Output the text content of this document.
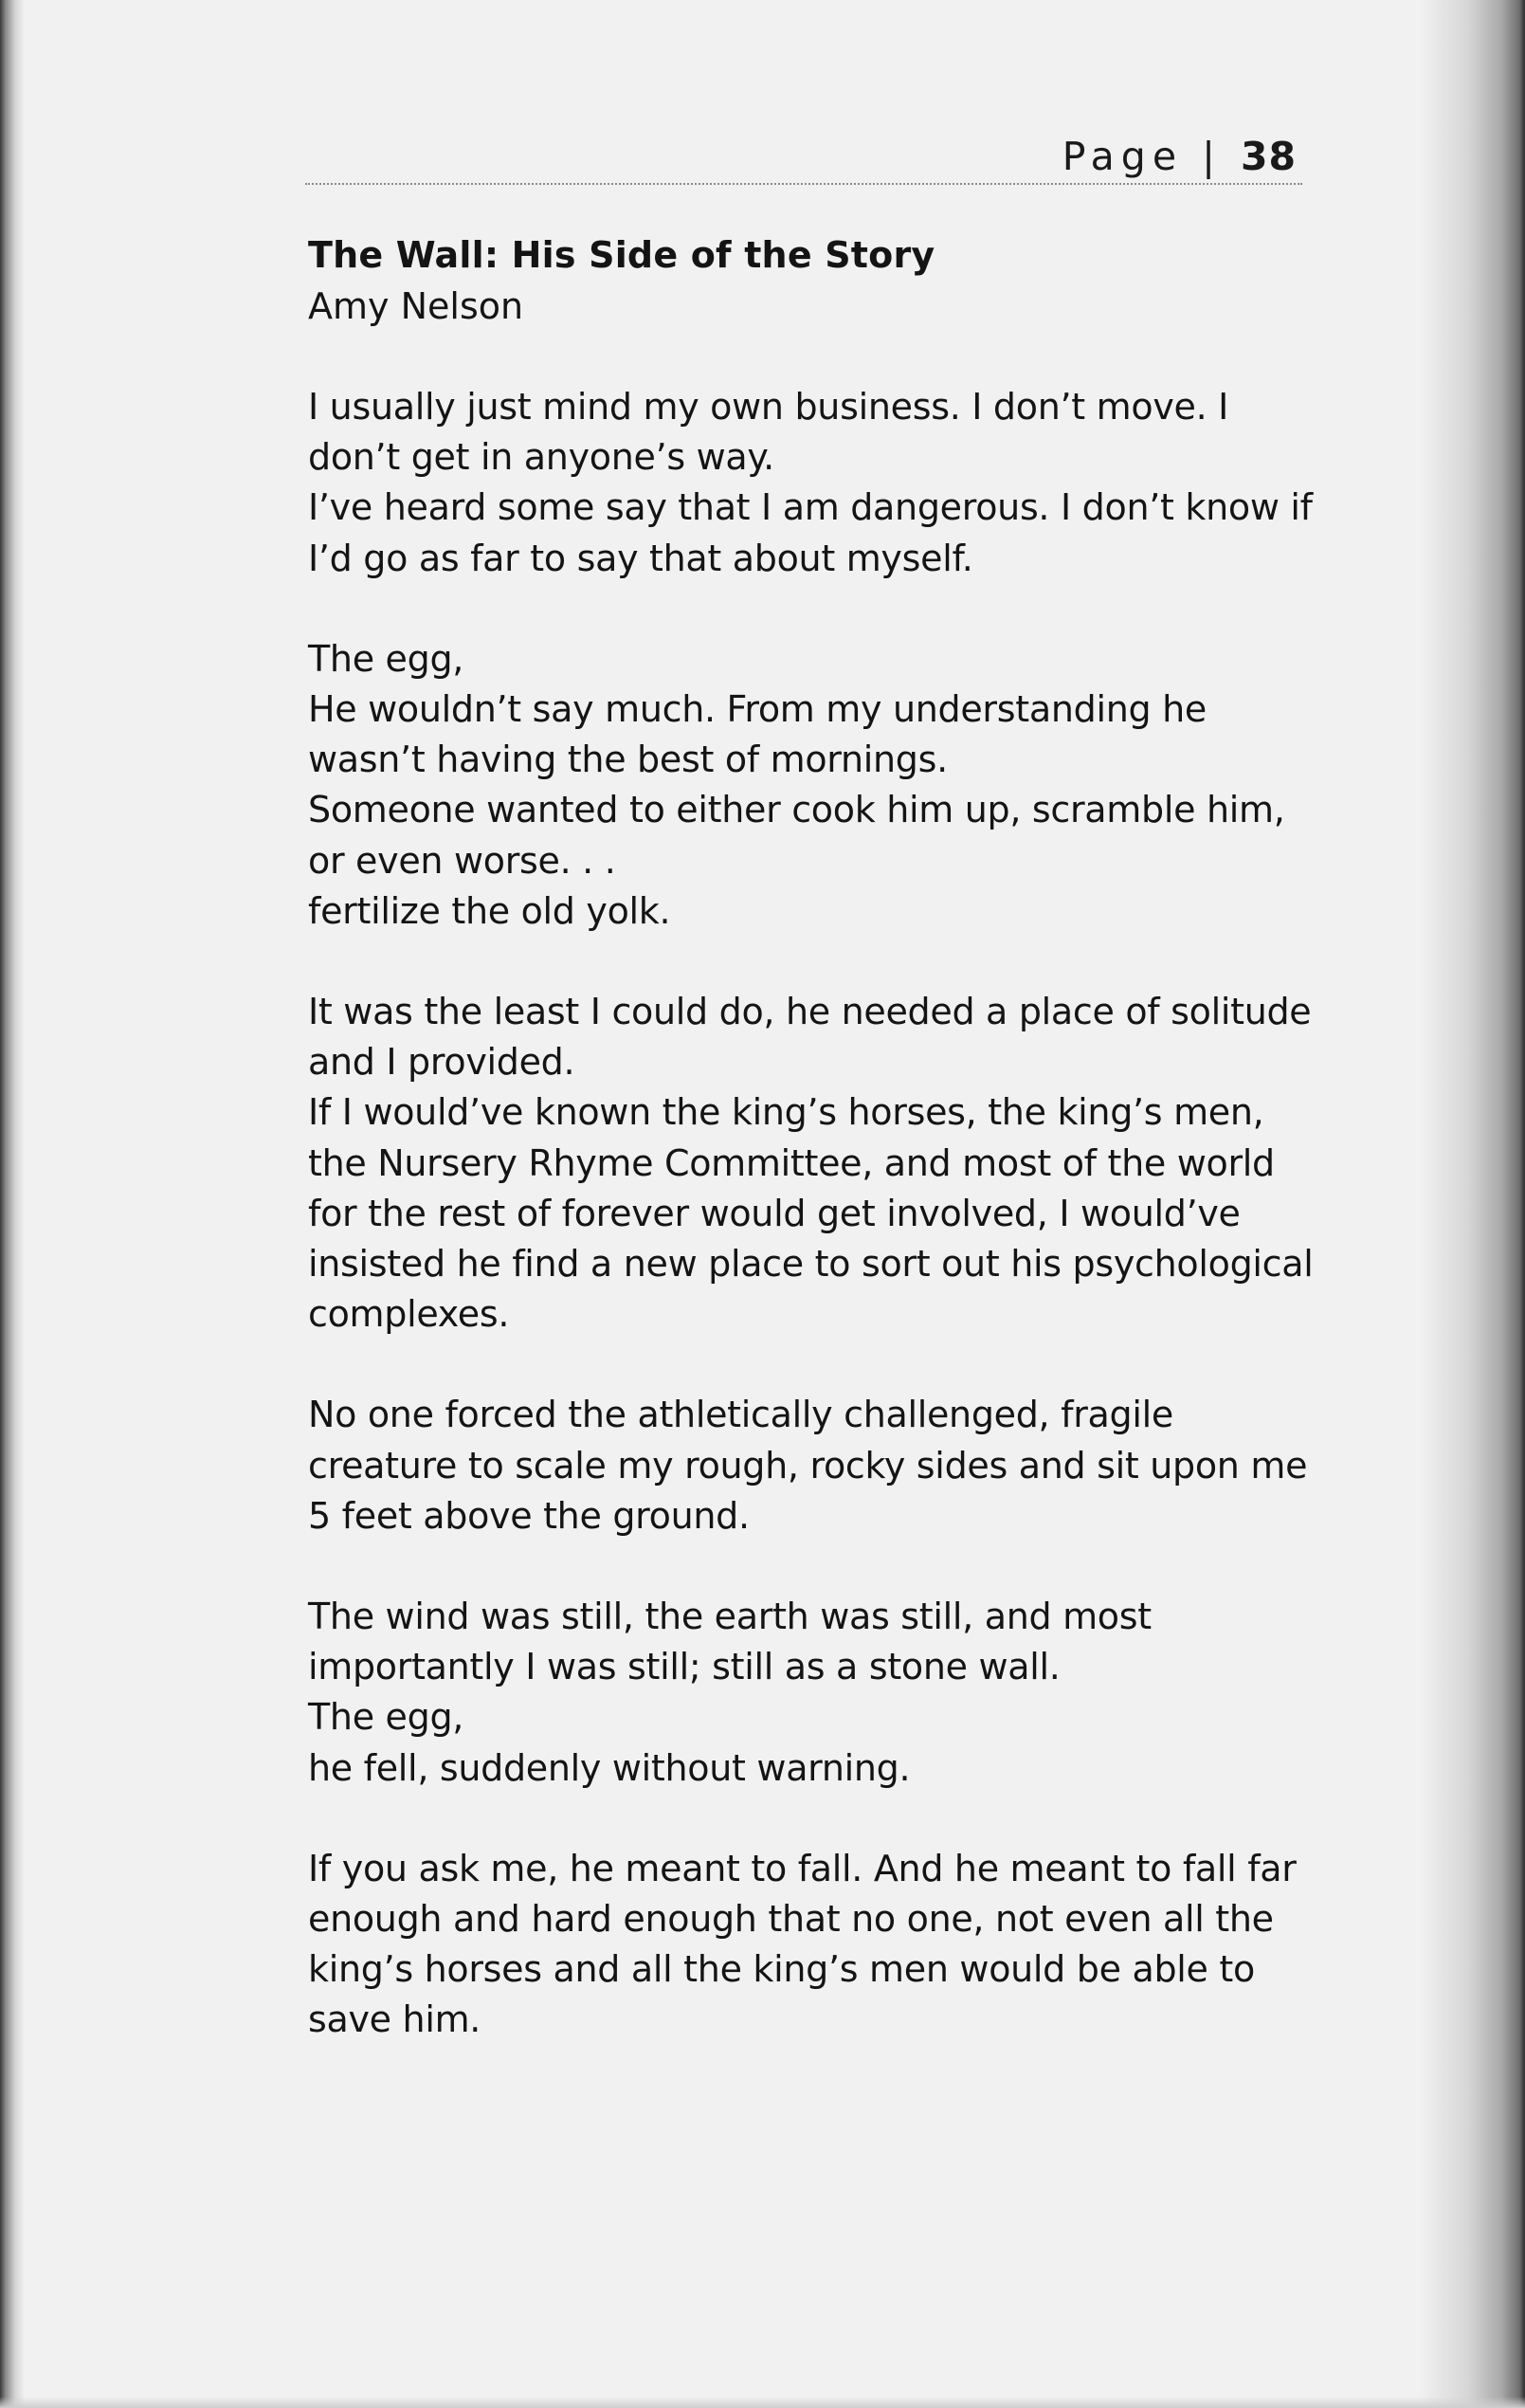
Page | 38
The Wall: His Side of the Story

Amy Nelson

I usually just mind my own business. I don’t move. I
don’t get in anyone’s way.
I’ve heard some say that I am dangerous. I don’t know if
I’d go as far to say that about myself.
The egg,
He wouldn’t say much. From my understanding he
wasn’t having the best of mornings.
Someone wanted to either cook him up, scramble him,
or even worse. . .
fertilize the old yolk.
It was the least I could do, he needed a place of solitude
and I provided.
If I would’ve known the king’s horses, the king’s men,
the Nursery Rhyme Committee, and most of the world
for the rest of forever would get involved, I would’ve
insisted he find a new place to sort out his psychological
complexes.
No one forced the athletically challenged, fragile
creature to scale my rough, rocky sides and sit upon me
5 feet above the ground.
The wind was still, the earth was still, and most
importantly I was still; still as a stone wall.
The egg,
he fell, suddenly without warning.
If you ask me, he meant to fall. And he meant to fall far
enough and hard enough that no one, not even all the
king’s horses and all the king’s men would be able to
save him.
